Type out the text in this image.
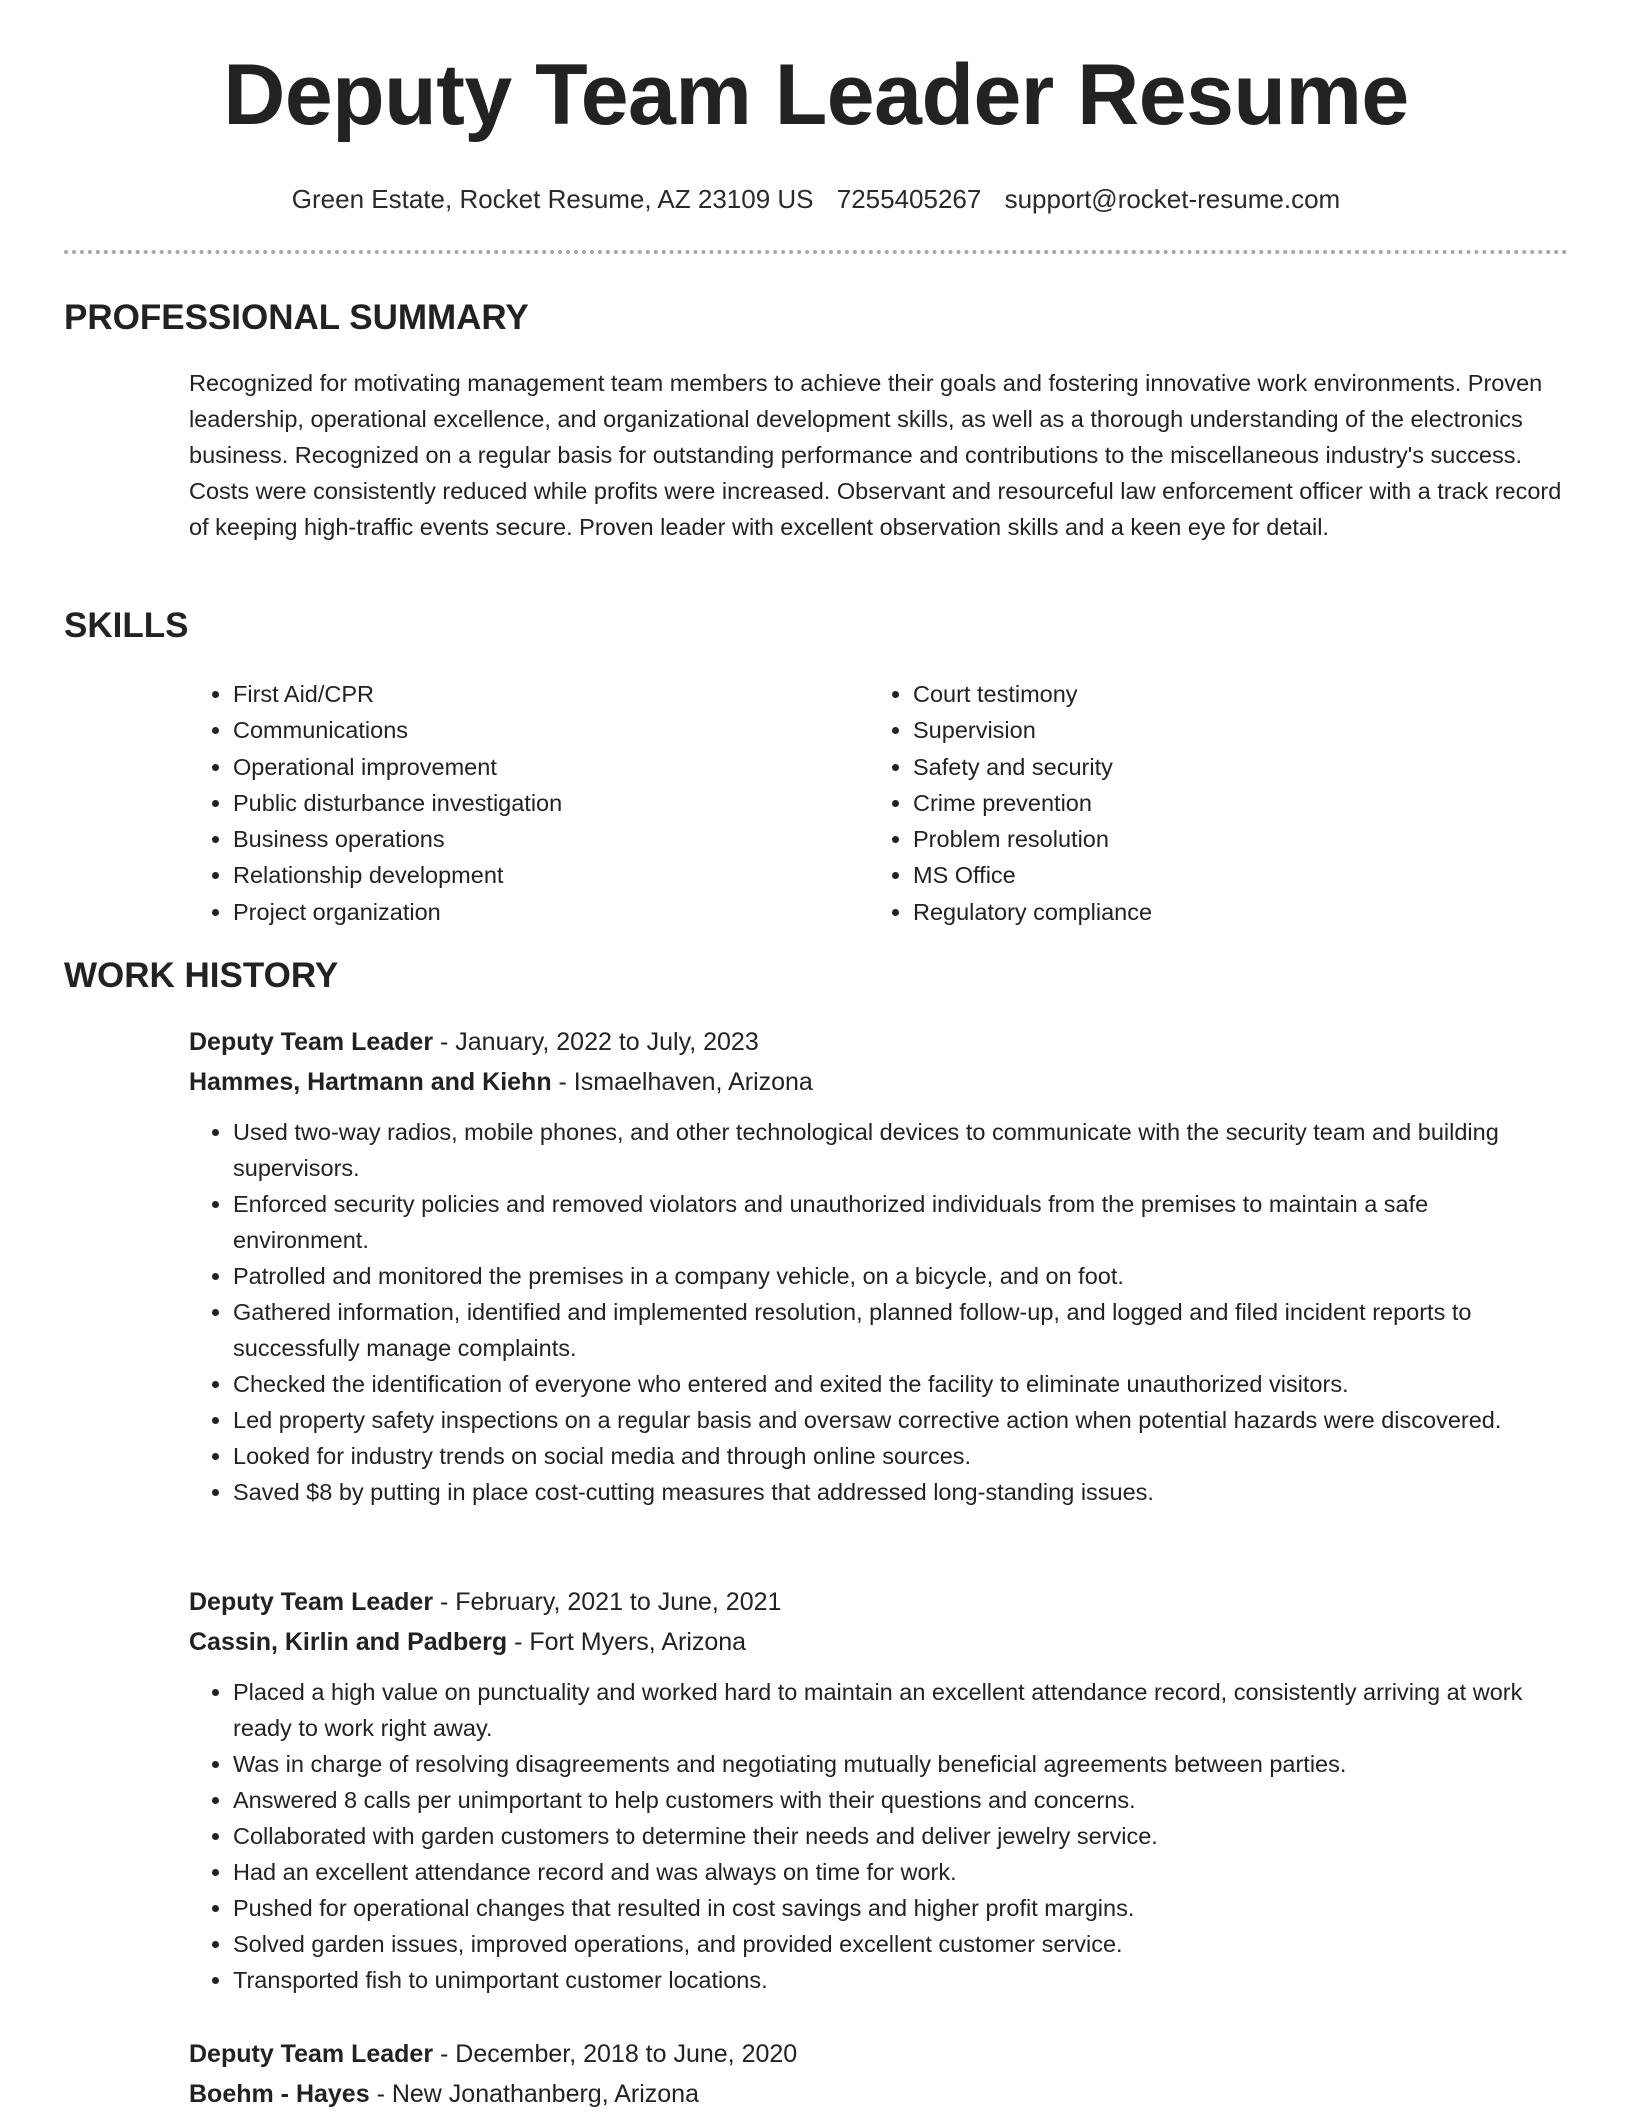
Deputy Team Leader Resume
Green Estate, Rocket Resume, AZ 23109 US 7255405267 support@rocket-resume.com
PROFESSIONAL SUMMARY

Recognized for motivating management team members to achieve their goals and fostering innovative work environments. Proven leadership, operational excellence, and organizational development skills, as well as a thorough understanding of the electronics business. Recognized on a regular basis for outstanding performance and contributions to the miscellaneous industry's success. Costs were consistently reduced while profits were increased. Observant and resourceful law enforcement officer with a track record of keeping high-traffic events secure. Proven leader with excellent observation skills and a keen eye for detail.

SKILLS
• First Aid/CPR
• Communications
• Operational improvement
• Public disturbance investigation
• Business operations
• Relationship development
• Project organization
• Court testimony
• Supervision
• Safety and security
• Crime prevention
• Problem resolution
• MS Office
• Regulatory compliance
WORK HISTORY
Deputy Team Leader - January, 2022 to July, 2023
Hammes, Hartmann and Kiehn - Ismaelhaven, Arizona
• Used two-way radios, mobile phones, and other technological devices to communicate with the security team and building supervisors.
• Enforced security policies and removed violators and unauthorized individuals from the premises to maintain a safe environment.
• Patrolled and monitored the premises in a company vehicle, on a bicycle, and on foot.
• Gathered information, identified and implemented resolution, planned follow-up, and logged and filed incident reports to successfully manage complaints.
• Checked the identification of everyone who entered and exited the facility to eliminate unauthorized visitors.
• Led property safety inspections on a regular basis and oversaw corrective action when potential hazards were discovered.
• Looked for industry trends on social media and through online sources.
• Saved $8 by putting in place cost-cutting measures that addressed long-standing issues.
Deputy Team Leader - February, 2021 to June, 2021
Cassin, Kirlin and Padberg - Fort Myers, Arizona
• Placed a high value on punctuality and worked hard to maintain an excellent attendance record, consistently arriving at work ready to work right away.
• Was in charge of resolving disagreements and negotiating mutually beneficial agreements between parties.
• Answered 8 calls per unimportant to help customers with their questions and concerns.
• Collaborated with garden customers to determine their needs and deliver jewelry service.
• Had an excellent attendance record and was always on time for work.
• Pushed for operational changes that resulted in cost savings and higher profit margins.
• Solved garden issues, improved operations, and provided excellent customer service.
• Transported fish to unimportant customer locations.
Deputy Team Leader - December, 2018 to June, 2020
Boehm - Hayes - New Jonathanberg, Arizona
